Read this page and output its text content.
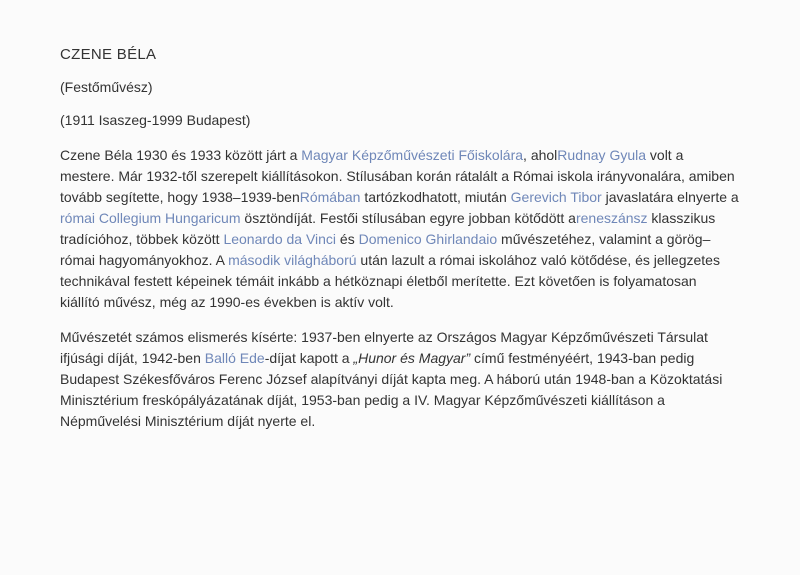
CZENE BÉLA

(Festőművész)

(1911 Isaszeg-1999 Budapest)

Czene Béla 1930 és 1933 között járt a Magyar Képzőművészeti Főiskolára, aholRudnay Gyula volt a mestere. Már 1932-től szerepelt kiállításokon. Stílusában korán rátalált a Római iskola irányvonalára, amiben tovább segítette, hogy 1938–1939-benRómában tartózkodhatott, miután Gerevich Tibor javaslatára elnyerte a római Collegium Hungaricum ösztöndíját. Festői stílusában egyre jobban kötődött areneszánsz klasszikus tradícióhoz, többek között Leonardo da Vinci és Domenico Ghirlandaio művészetéhez, valamint a görög–római hagyományokhoz. A második világháború után lazult a római iskolához való kötődése, és jellegzetes technikával festett képeinek témáit inkább a hétköznapi életből merítette. Ezt követően is folyamatosan kiállító művész, még az 1990-es években is aktív volt.

Művészetét számos elismerés kísérte: 1937-ben elnyerte az Országos Magyar Képzőművészeti Társulat ifjúsági díját, 1942-ben Balló Ede-díjat kapott a „Hunor és Magyar” című festményéért, 1943-ban pedig Budapest Székesfőváros Ferenc József alapítványi díját kapta meg. A háború után 1948-ban a Közoktatási Minisztérium freskópályázatának díját, 1953-ban pedig a IV. Magyar Képzőművészeti kiállításon a Népművelési Minisztérium díját nyerte el.
